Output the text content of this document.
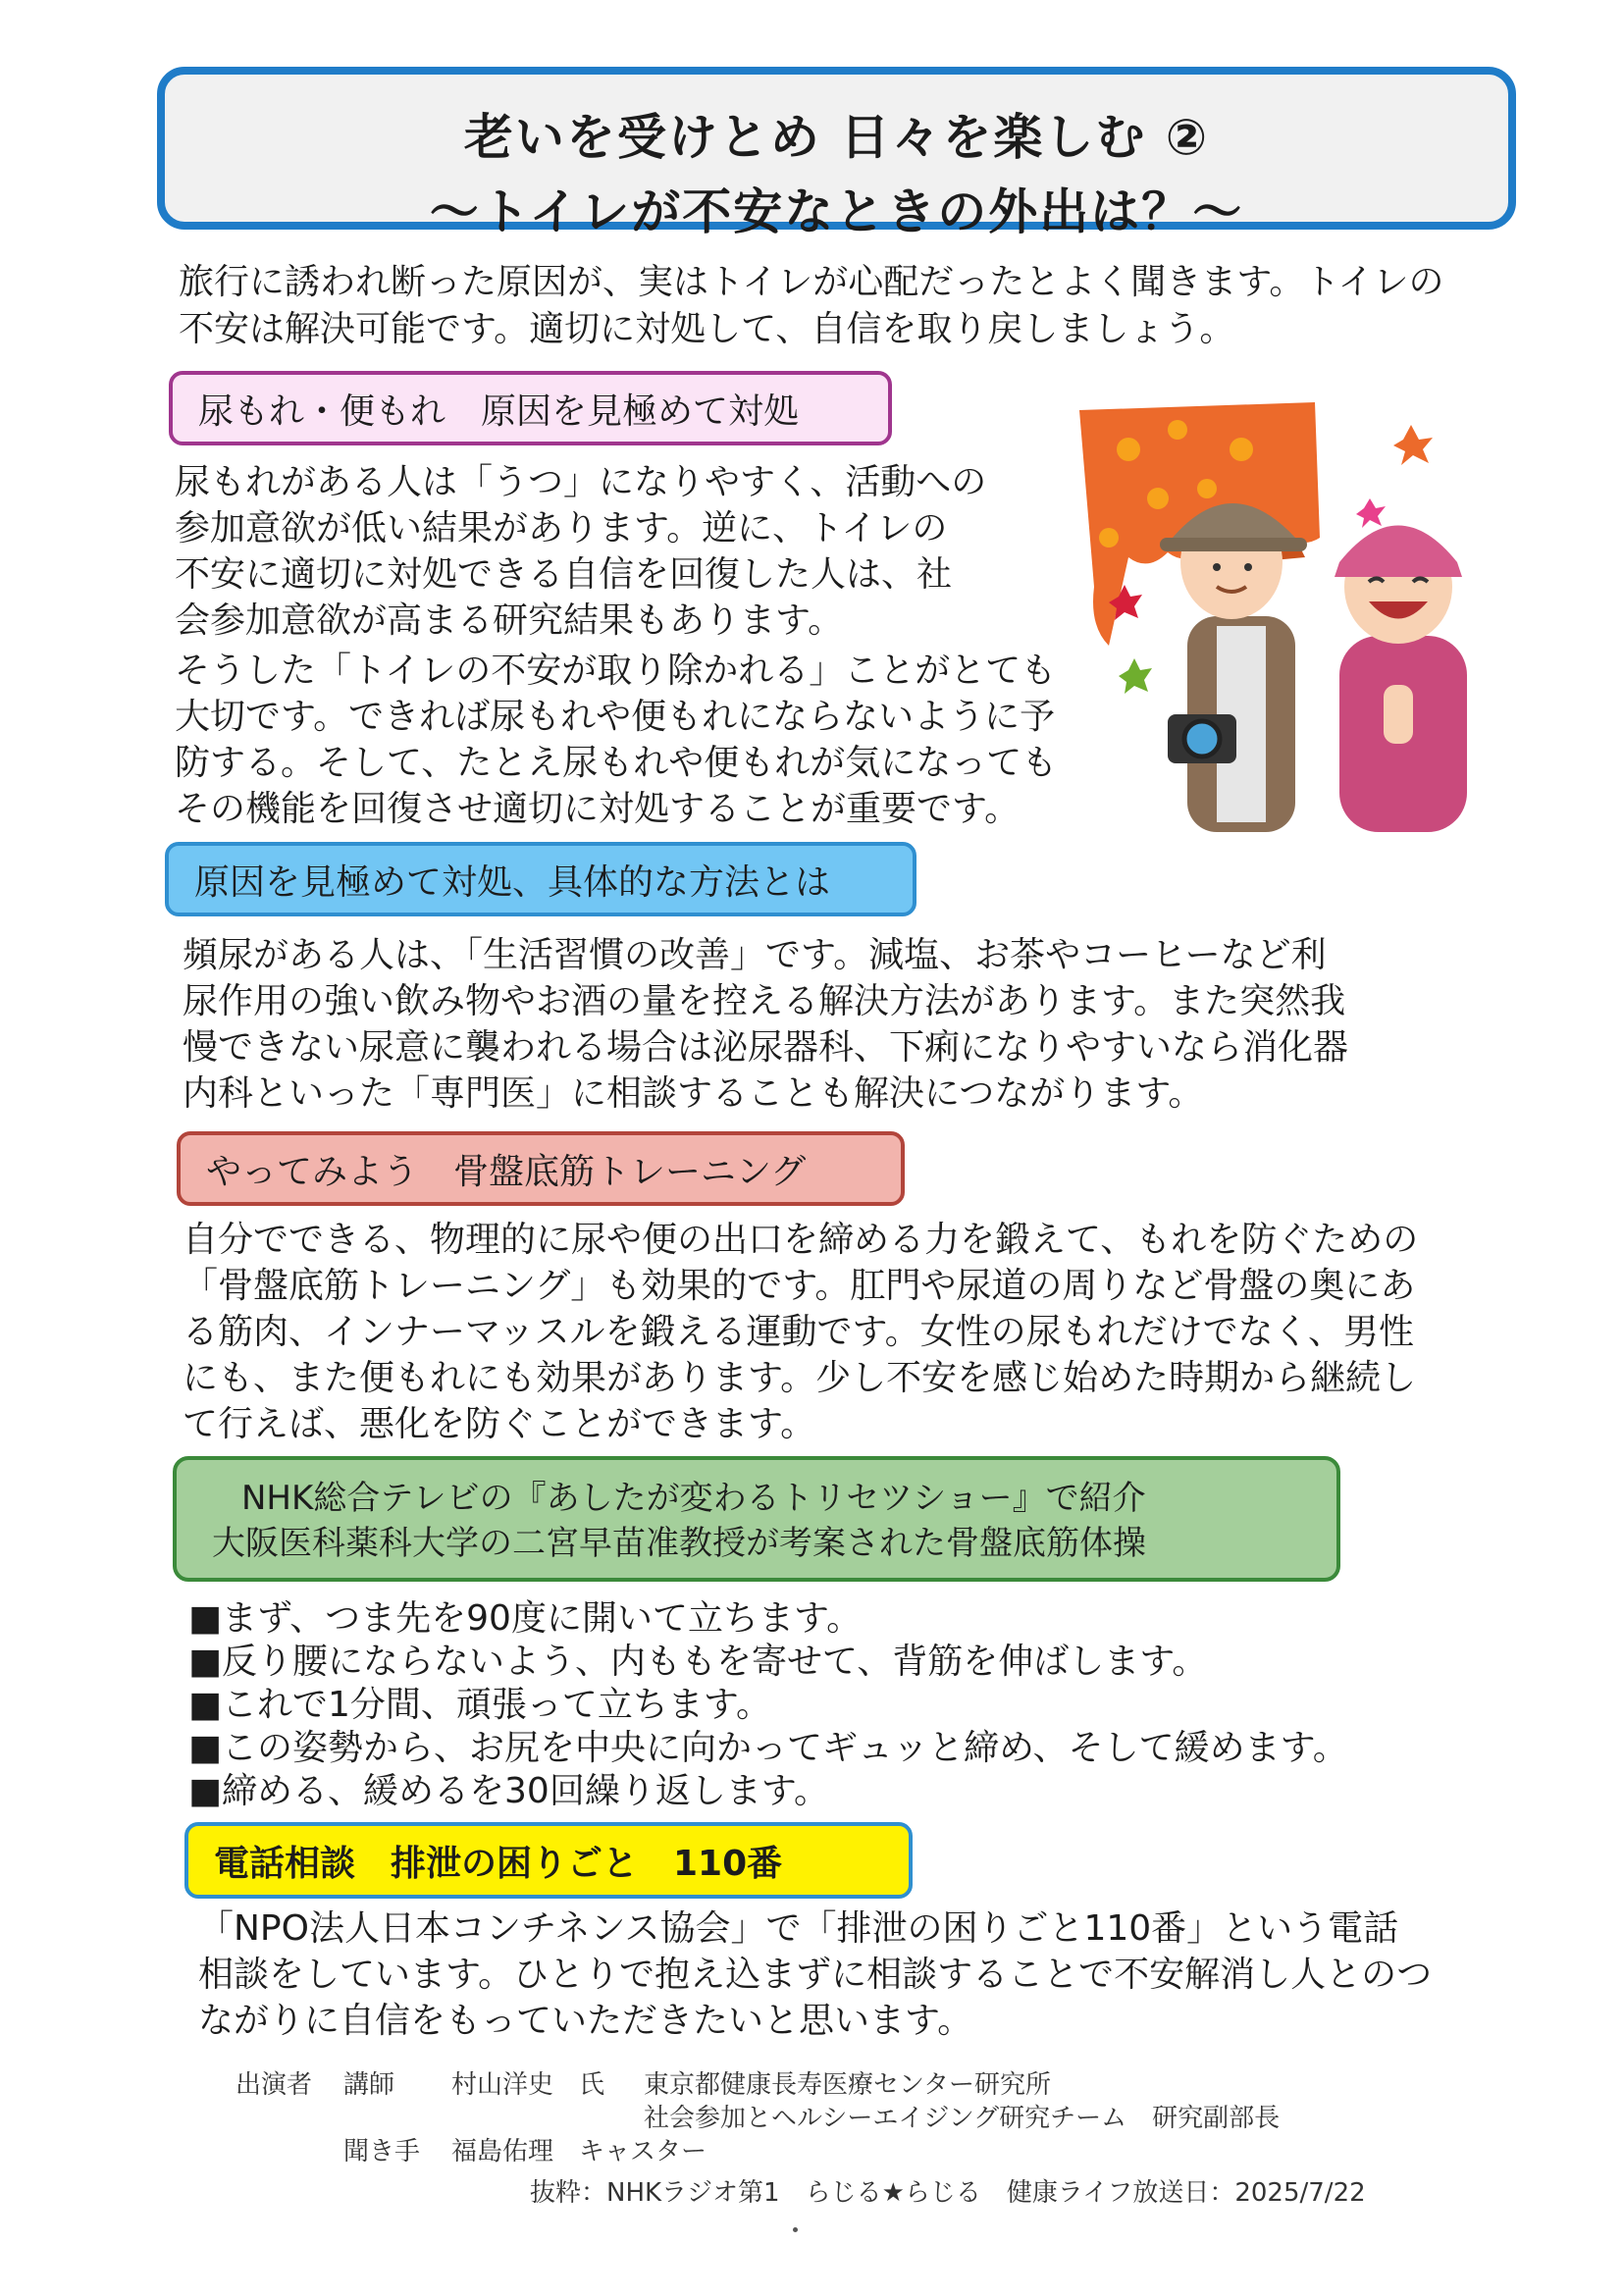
老いを受けとめ 日々を楽しむ ②
〜トイレが不安なときの外出は？〜
旅行に誘われ断った原因が、実はトイレが心配だったとよく聞きます。トイレの
不安は解決可能です。適切に対処して、自信を取り戻しましょう。
尿もれ・便もれ　原因を見極めて対処
尿もれがある人は「うつ」になりやすく、活動への
参加意欲が低い結果があります。逆に、トイレの
不安に適切に対処できる自信を回復した人は、社
会参加意欲が高まる研究結果もあります。
そうした「トイレの不安が取り除かれる」ことがとても
大切です。できれば尿もれや便もれにならないように予
防する。そして、たとえ尿もれや便もれが気になっても
その機能を回復させ適切に対処することが重要です。
原因を見極めて対処、具体的な方法とは
頻尿がある人は、「生活習慣の改善」です。減塩、お茶やコーヒーなど利
尿作用の強い飲み物やお酒の量を控える解決方法があります。また突然我
慢できない尿意に襲われる場合は泌尿器科、下痢になりやすいなら消化器
内科といった「専門医」に相談することも解決につながります。
やってみよう　骨盤底筋トレーニング
自分でできる、物理的に尿や便の出口を締める力を鍛えて、もれを防ぐための
「骨盤底筋トレーニング」も効果的です。肛門や尿道の周りなど骨盤の奥にあ
る筋肉、インナーマッスルを鍛える運動です。女性の尿もれだけでなく、男性
にも、また便もれにも効果があります。少し不安を感じ始めた時期から継続し
て行えば、悪化を防ぐことができます。
NHK総合テレビの『あしたが変わるトリセツショー』で紹介
大阪医科薬科大学の二宮早苗准教授が考案された骨盤底筋体操
■ まず、つま先を90度に開いて立ちます。
■ 反り腰にならないよう、内ももを寄せて、背筋を伸ばします。
■ これで1分間、頑張って立ちます。
■ この姿勢から、お尻を中央に向かってギュッと締め、そして緩めます。
■ 締める、緩めるを30回繰り返します。
電話相談　排泄の困りごと　110番
「NPO法人日本コンチネンス協会」で「排泄の困りごと110番」という電話
相談をしています。ひとりで抱え込まずに相談することで不安解消し人とのつ
ながりに自信をもっていただきたいと思います。
出演者 講師 村山洋史　氏 東京都健康長寿医療センター研究所
社会参加とヘルシーエイジング研究チーム　研究副部長
聞き手 福島佑理　キャスター
抜粋：NHKラジオ第1　らじる★らじる　健康ライフ放送日：2025/7/22
